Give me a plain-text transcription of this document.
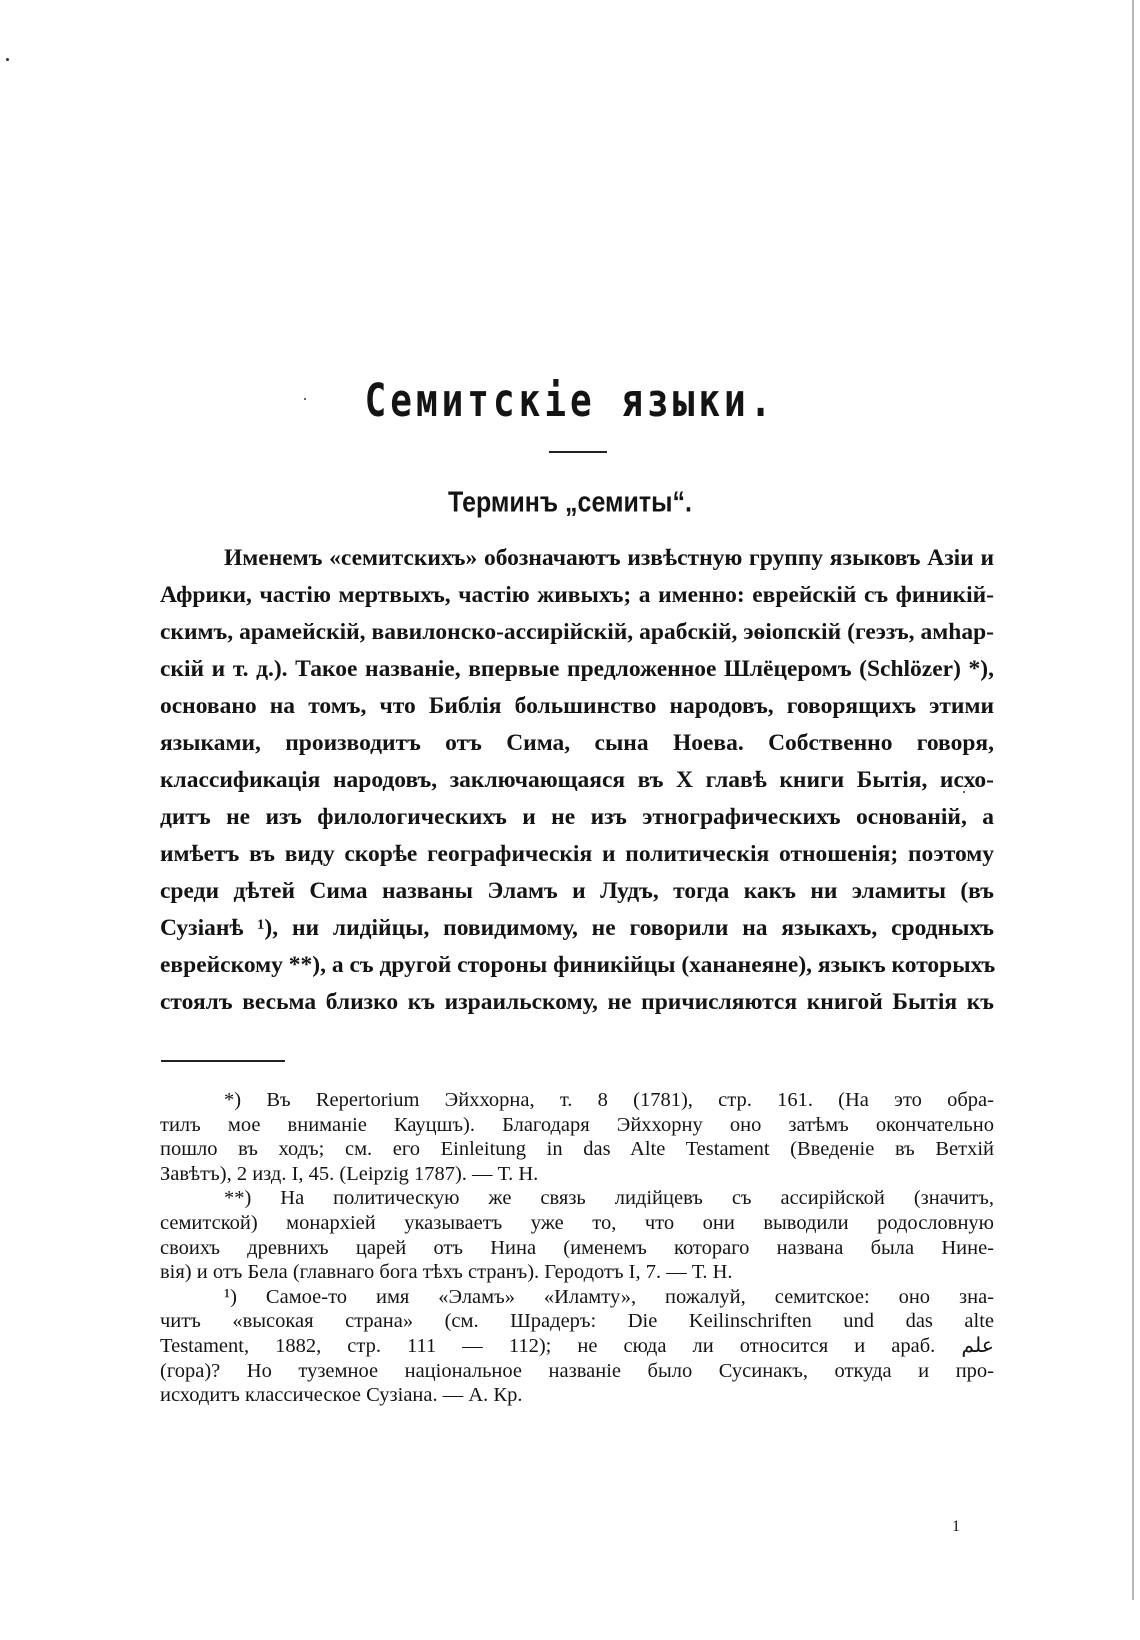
Семитскіе языки.
Терминъ „семиты“.
Именемъ «семитскихъ» обозначаютъ извѣстную группу языковъ Азіи и
Африки, частію мертвыхъ, частію живыхъ; а именно: еврейскій съ финикій-
скимъ, арамейскій, вавилонско-ассирійскій, арабскій, эѳіопскій (геэзъ, амһар-
скій и т. д.). Такое названіе, впервые предложенное Шлёцеромъ (Schlözer) *),
основано на томъ, что Библія большинство народовъ, говорящихъ этими
языками, производитъ отъ Сима, сына Ноева. Собственно говоря,
классификація народовъ, заключающаяся въ X главѣ книги Бытія, исхо-
дитъ не изъ филологическихъ и не изъ этнографическихъ основаній, а
имѣетъ въ виду скорѣе географическія и политическія отношенія; поэтому
среди дѣтей Сима названы Эламъ и Лудъ, тогда какъ ни эламиты (въ
Сузіанѣ ¹), ни лидійцы, повидимому, не говорили на языкахъ, сродныхъ
еврейскому **), а съ другой стороны финикійцы (хананеяне), языкъ которыхъ
стоялъ весьма близко къ израильскому, не причисляются книгой Бытія къ
*) Въ Repertorium Эйххорна, т. 8 (1781), стр. 161. (На это обра-
тилъ мое вниманіе Кауцшъ). Благодаря Эйххорну оно затѣмъ окончательно
пошло въ ходъ; см. его Einleitung in das Alte Testament (Введеніе въ Ветхій
Завѣтъ), 2 изд. I, 45. (Leipzig 1787). — Т. Н.
**) На политическую же связь лидійцевъ съ ассирійской (значитъ,
семитской) монархіей указываетъ уже то, что они выводили родословную
своихъ древнихъ царей отъ Нина (именемъ котораго названа была Нине-
вія) и отъ Бела (главнаго бога тѣхъ странъ). Геродотъ I, 7. — Т. Н.
¹) Самое-то имя «Эламъ» «Иламту», пожалуй, семитское: оно зна-
читъ «высокая страна» (см. Шрадеръ: Die Keilinschriften und das alte
Testament, 1882, стр. 111 — 112); не сюда ли относится и араб. علم
(гора)? Но туземное національное названіе было Сусинакъ, откуда и про-
исходитъ классическое Сузіана. — А. Кр.
1
